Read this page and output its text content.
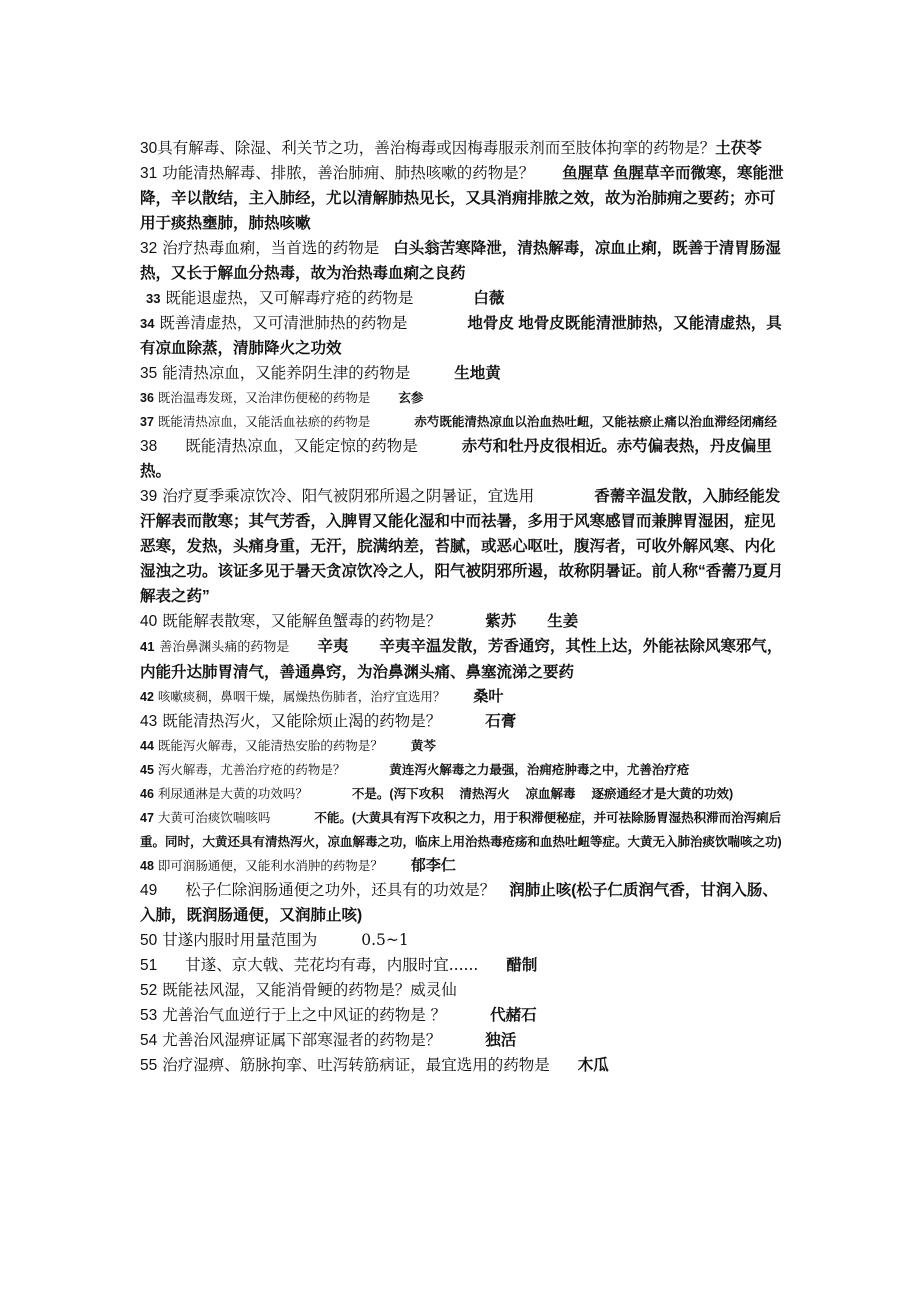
30具有解毒、除湿、利关节之功，善治梅毒或因梅毒服汞剂而至肢体拘挛的药物是？土茯苓

31 功能清热解毒、排脓，善治肺痈、肺热咳嗽的药物是？ 鱼腥草 鱼腥草辛而微寒，寒能泄降，辛以散结，主入肺经，尤以清解肺热见长，又具消痈排脓之效，故为治肺痈之要药；亦可用于痰热壅肺，肺热咳嗽

32 治疗热毒血痢，当首选的药物是 白头翁苦寒降泄，清热解毒，凉血止痢，既善于清胃肠湿热，又长于解血分热毒，故为治热毒血痢之良药

33 既能退虚热，又可解毒疗疮的药物是	白薇

34 既善清虚热，又可清泄肺热的药物是	地骨皮 地骨皮既能清泄肺热，又能清虚热，具有凉血除蒸，清肺降火之功效

35 能清热凉血，又能养阴生津的药物是	生地黄

36 既治温毒发斑，又治津伤便秘的药物是 玄参

37 既能清热凉血，又能活血祛瘀的药物是	赤芍既能清热凉血以治血热吐衄，又能祛瘀止痛以治血滞经闭痛经

38 既能清热凉血，又能定惊的药物是	赤芍和牡丹皮很相近。赤芍偏表热，丹皮偏里热。

39 治疗夏季乘凉饮冷、阳气被阴邪所遏之阴暑证，宜选用	香薷辛温发散，入肺经能发汗解表而散寒；其气芳香，入脾胃又能化湿和中而祛暑，多用于风寒感冒而兼脾胃湿困，症见恶寒，发热，头痛身重，无汗，脘满纳差，苔腻，或恶心呕吐，腹泻者，可收外解风寒、内化湿浊之功。该证多见于暑天贪凉饮冷之人，阳气被阴邪所遏，故称阴暑证。前人称“香薷乃夏月解表之药”

40 既能解表散寒，又能解鱼蟹毒的药物是？	紫苏　　生姜

41 善治鼻渊头痛的药物是 辛夷　　辛夷辛温发散，芳香通窍，其性上达，外能祛除风寒邪气，内能升达肺胃清气，善通鼻窍，为治鼻渊头痛、鼻塞流涕之要药

42 咳嗽痰稠，鼻咽干燥，属燥热伤肺者，治疗宜选用？ 桑叶

43 既能清热泻火，又能除烦止渴的药物是？	石膏

44 既能泻火解毒，又能清热安胎的药物是？ 黄芩

45 泻火解毒，尤善治疗疮的药物是？	黄连泻火解毒之力最强，治痈疮肿毒之中，尤善治疗疮

46 利尿通淋是大黄的功效吗？	不是。(泻下攻积　 清热泻火　 凉血解毒　 逐瘀通经才是大黄的功效)

47 大黄可治痰饮喘咳吗	不能。(大黄具有泻下攻积之力，用于积滞便秘症，并可祛除肠胃湿热积滞而治泻痢后重。同时，大黄还具有清热泻火，凉血解毒之功，临床上用治热毒疮疡和血热吐衄等症。大黄无入肺治痰饮喘咳之功)

48 即可润肠通便，又能利水消肿的药物是？ 郁李仁

49 松子仁除润肠通便之功外，还具有的功效是？ 润肺止咳(松子仁质润气香，甘润入肠、入肺，既润肠通便，又润肺止咳)

50 甘遂内服时用量范围为	0.5~1

51 甘遂、京大戟、芫花均有毒，内服时宜...... 醋制

52 既能祛风湿，又能消骨鲠的药物是？威灵仙

53 尤善治气血逆行于上之中风证的药物是 ？	代赭石

54 尤善治风湿痹证属下部寒湿者的药物是？	独活

55 治疗湿痹、筋脉拘挛、吐泻转筋病证，最宜选用的药物是 木瓜
